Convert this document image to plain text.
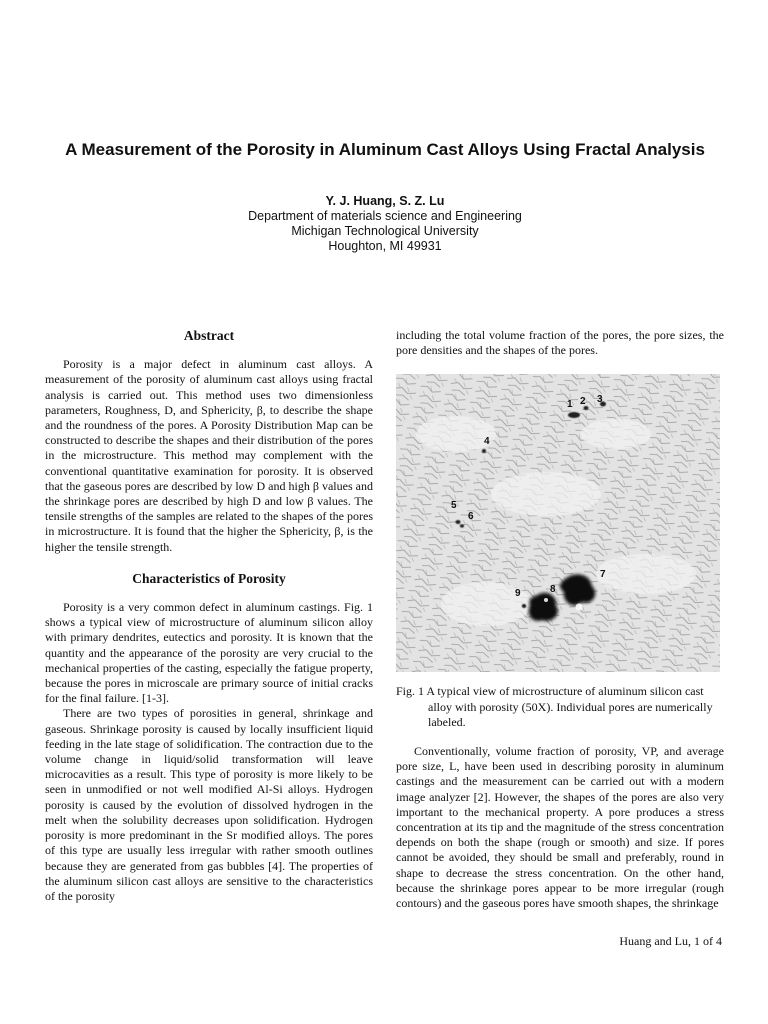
A Measurement of the Porosity in Aluminum Cast Alloys Using Fractal Analysis
Y. J. Huang, S. Z. Lu
Department of materials science and Engineering
Michigan Technological University
Houghton, MI 49931
Abstract

Porosity is a major defect in aluminum cast alloys. A measurement of the porosity of aluminum cast alloys using fractal analysis is carried out. This method uses two dimensionless parameters, Roughness, D, and Sphericity, β, to describe the shape and the roundness of the pores. A Porosity Distribution Map can be constructed to describe the shapes and their distribution of the pores in the microstructure. This method may complement with the conventional quantitative examination for porosity. It is observed that the gaseous pores are described by low D and high β values and the shrinkage pores are described by high D and low β values. The tensile strengths of the samples are related to the shapes of the pores in microstructure. It is found that the higher the Sphericity, β, is the higher the tensile strength.

Characteristics of Porosity

Porosity is a very common defect in aluminum castings. Fig. 1 shows a typical view of microstructure of aluminum silicon alloy with primary dendrites, eutectics and porosity. It is known that the quantity and the appearance of the porosity are very crucial to the mechanical properties of the casting, especially the fatigue property, because the pores in microscale are primary source of initial cracks for the final failure. [1-3].

There are two types of porosities in general, shrinkage and gaseous. Shrinkage porosity is caused by locally insufficient liquid feeding in the late stage of solidification. The contraction due to the volume change in liquid/solid transformation will leave microcavities as a result. This type of porosity is more likely to be seen in unmodified or not well modified Al-Si alloys. Hydrogen porosity is caused by the evolution of dissolved hydrogen in the melt when the solubility decreases upon solidification. Hydrogen porosity is more predominant in the Sr modified alloys. The pores of this type are usually less irregular with rather smooth outlines because they are generated from gas bubbles [4]. The properties of the aluminum silicon cast alloys are sensitive to the characteristics of the porosity

including the total volume fraction of the pores, the pore sizes, the pore densities and the shapes of the pores.

1 2 3
4
5
6
7
8
9
Fig. 1 A typical view of microstructure of aluminum silicon cast alloy with porosity (50X). Individual pores are numerically labeled.

Conventionally, volume fraction of porosity, VP, and average pore size, L, have been used in describing porosity in aluminum castings and the measurement can be carried out with a modern image analyzer [2]. However, the shapes of the pores are also very important to the mechanical property. A pore produces a stress concentration at its tip and the magnitude of the stress concentration depends on both the shape (rough or smooth) and size. If pores cannot be avoided, they should be small and preferably, round in shape to decrease the stress concentration. On the other hand, because the shrinkage pores appear to be more irregular (rough contours) and the gaseous pores have smooth shapes, the shrinkage

Huang and Lu, 1 of 4
